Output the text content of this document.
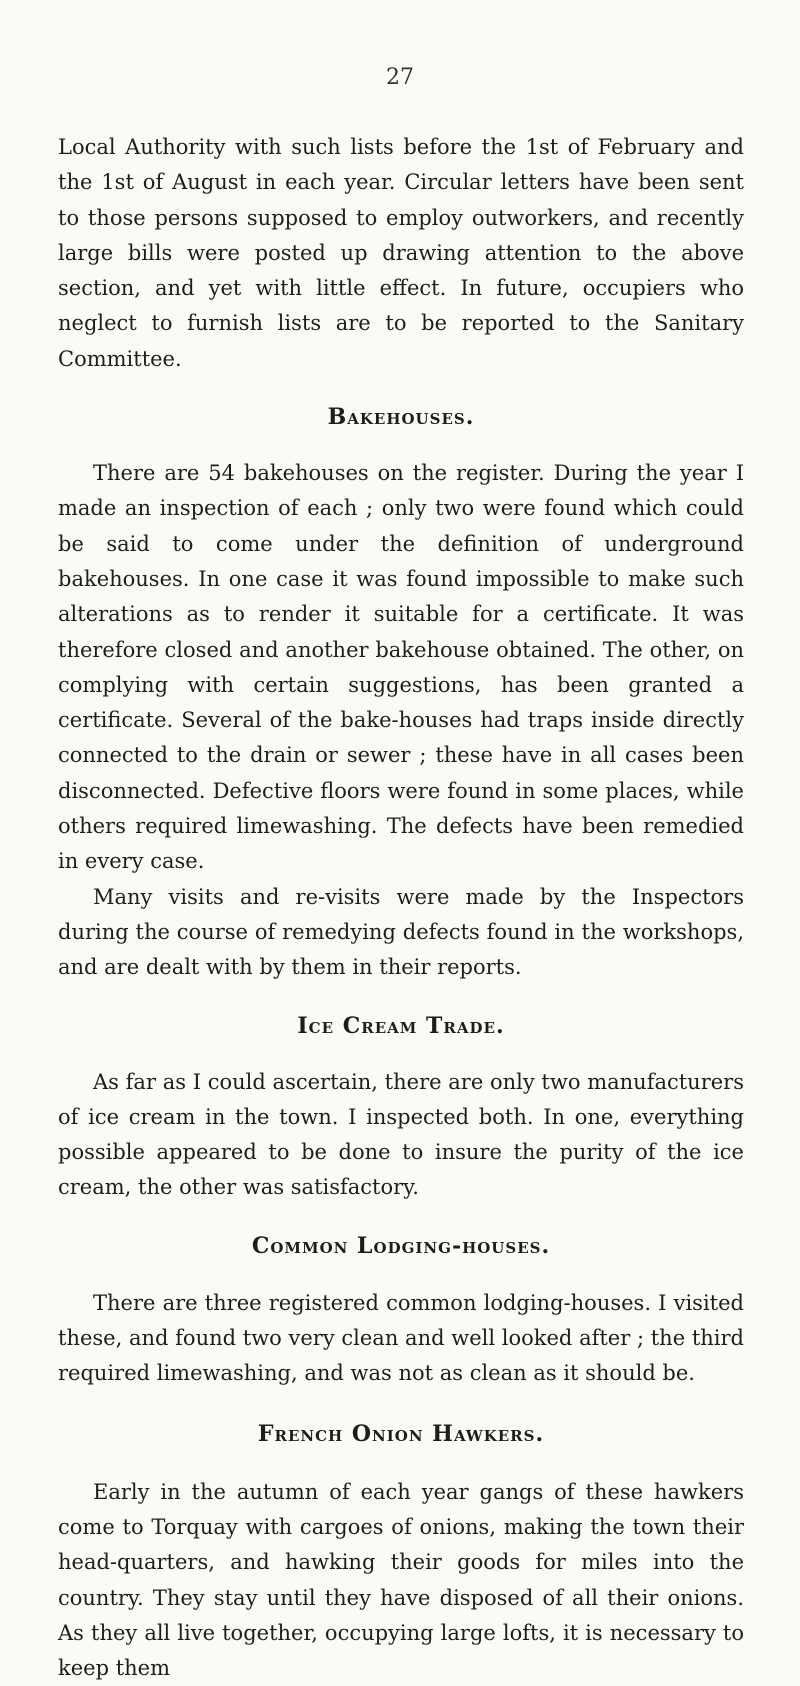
27

Local Authority with such lists before the 1st of February and the 1st of August in each year. Circular letters have been sent to those persons supposed to employ outworkers, and recently large bills were posted up drawing attention to the above section, and yet with little effect. In future, occupiers who neglect to furnish lists are to be reported to the Sanitary Committee.

Bakehouses.

There are 54 bakehouses on the register. During the year I made an inspection of each ; only two were found which could be said to come under the definition of underground bakehouses. In one case it was found impossible to make such alterations as to render it suitable for a certificate. It was therefore closed and another bakehouse obtained. The other, on complying with certain suggestions, has been granted a certificate. Several of the bake-houses had traps inside directly connected to the drain or sewer ; these have in all cases been disconnected. Defective floors were found in some places, while others required limewashing. The defects have been remedied in every case.

Many visits and re-visits were made by the Inspectors during the course of remedying defects found in the workshops, and are dealt with by them in their reports.

Ice Cream Trade.

As far as I could ascertain, there are only two manufacturers of ice cream in the town. I inspected both. In one, everything possible appeared to be done to insure the purity of the ice cream, the other was satisfactory.

Common Lodging-houses.

There are three registered common lodging-houses. I visited these, and found two very clean and well looked after ; the third required limewashing, and was not as clean as it should be.

French Onion Hawkers.

Early in the autumn of each year gangs of these hawkers come to Torquay with cargoes of onions, making the town their head-quarters, and hawking their goods for miles into the country. They stay until they have disposed of all their onions. As they all live together, occupying large lofts, it is necessary to keep them
